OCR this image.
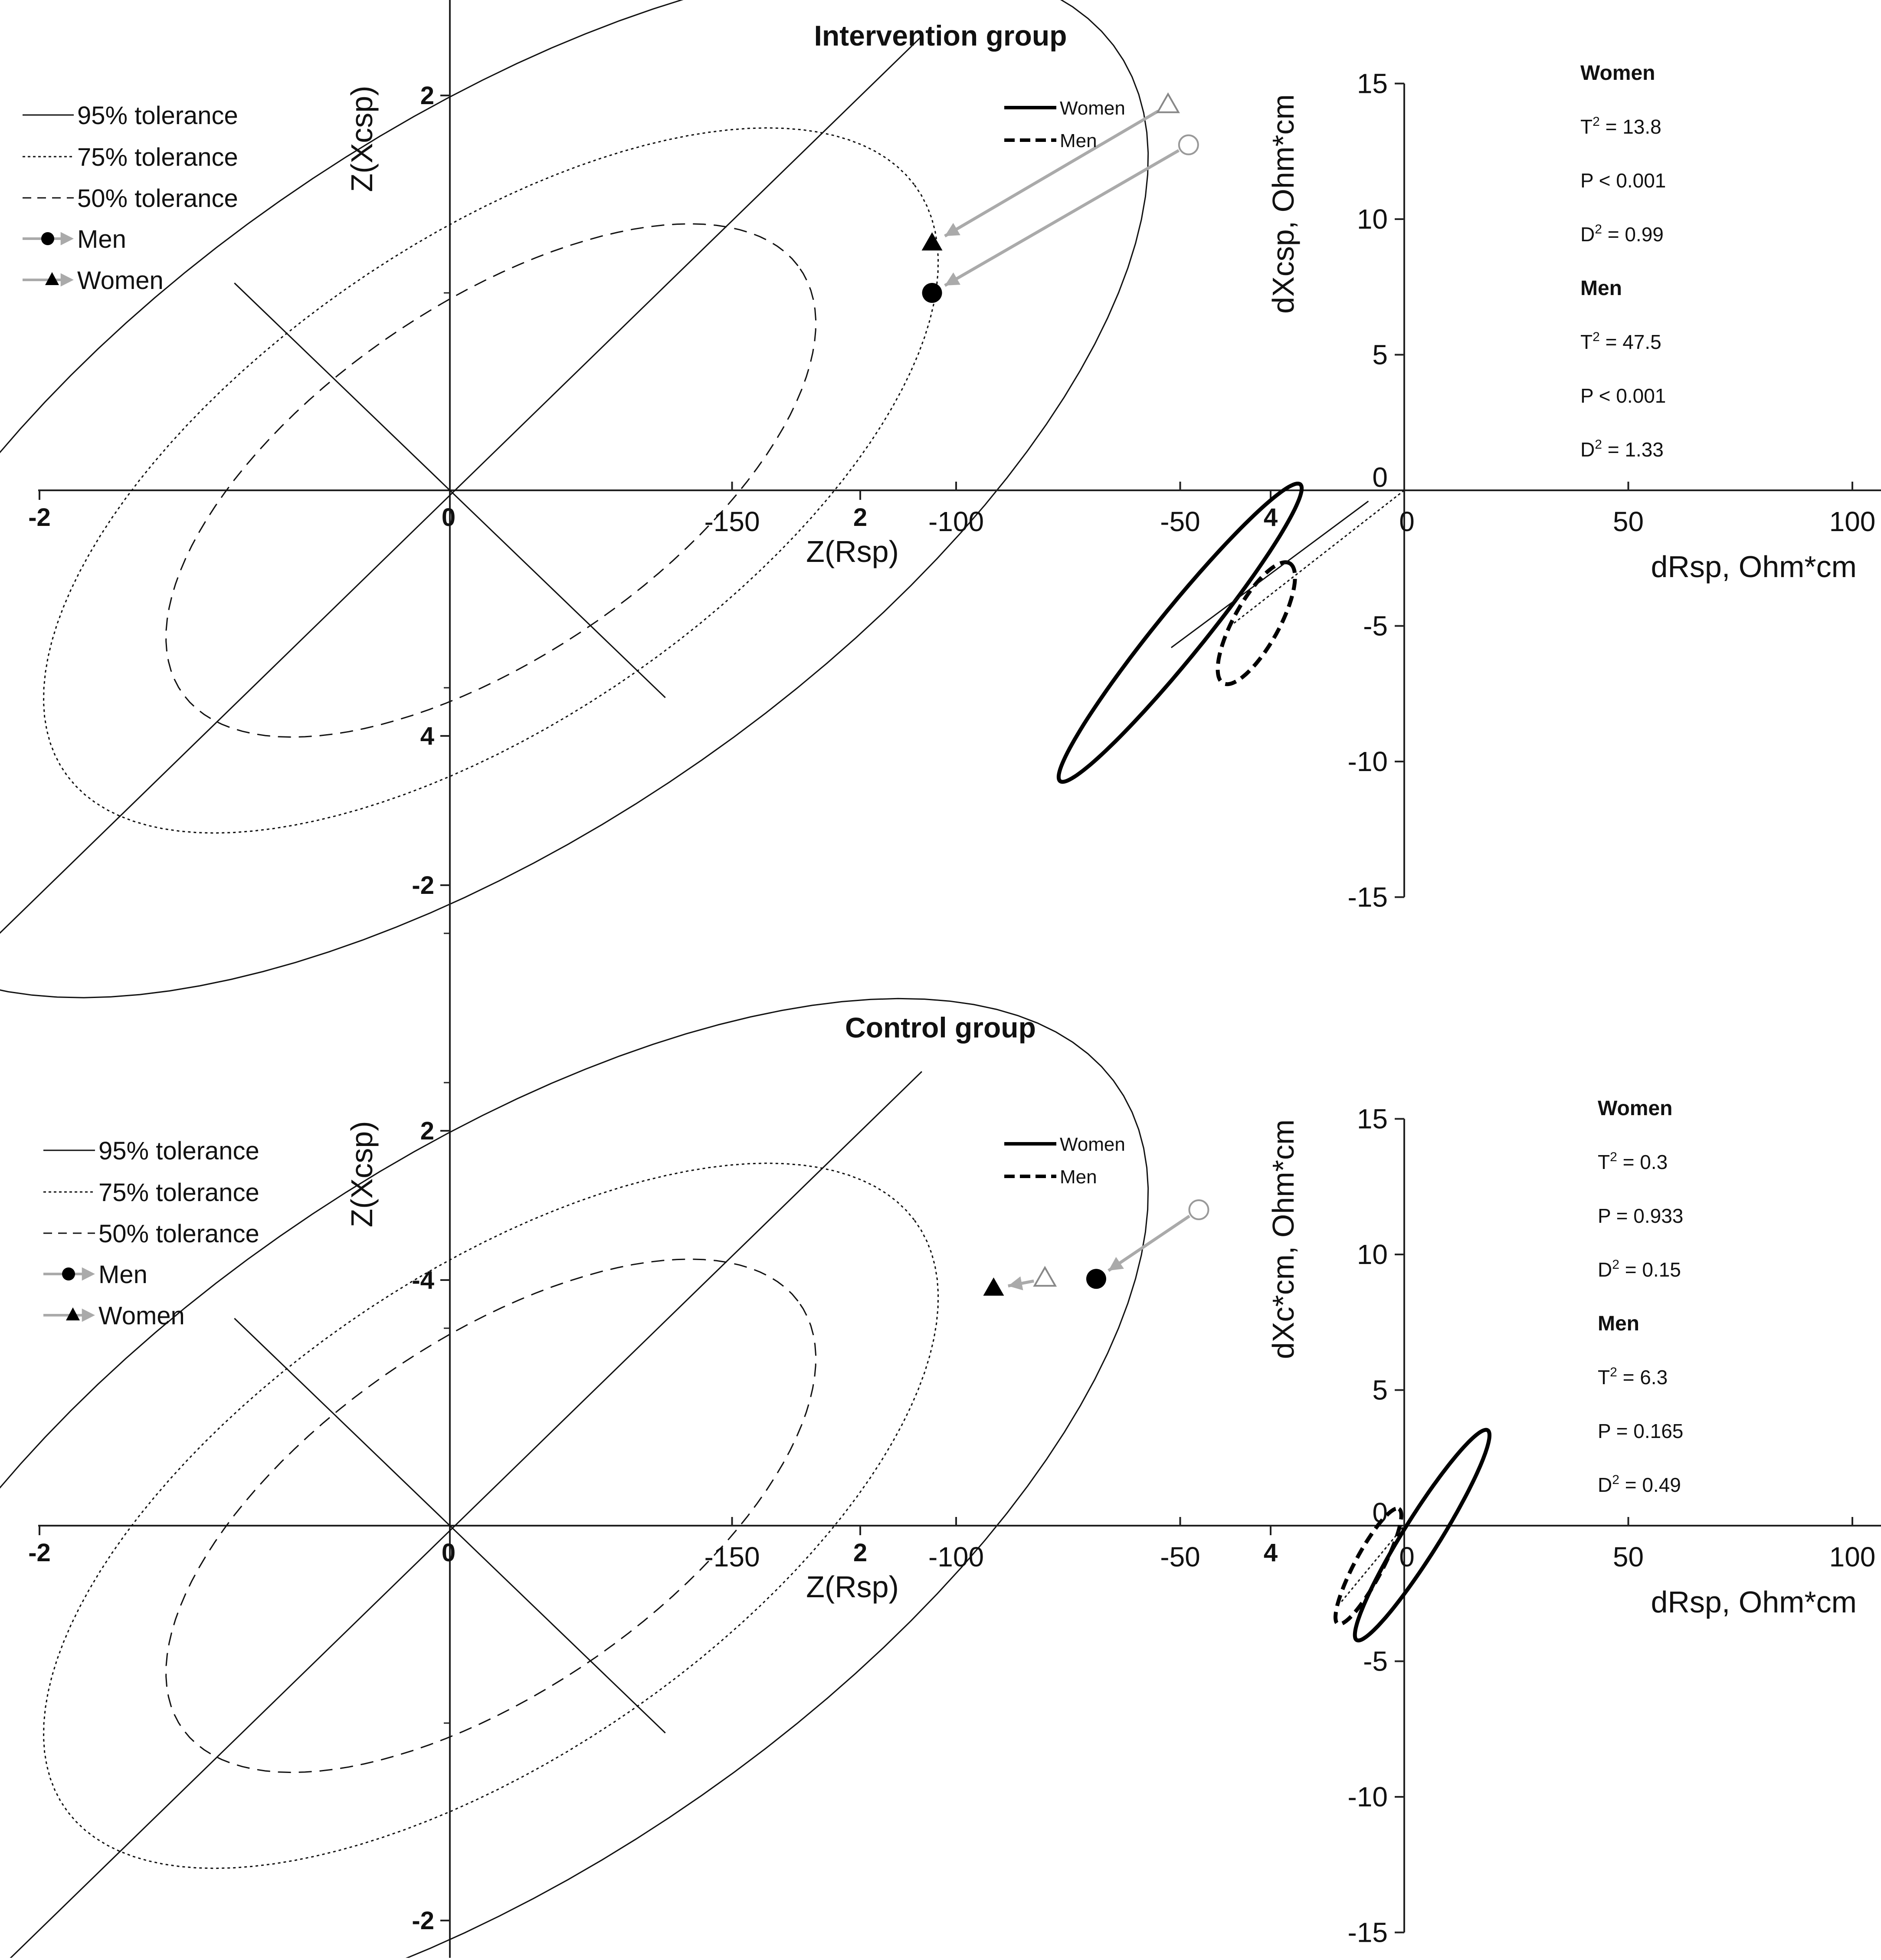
Intervention group
Control group
-2	0	2	4
-4
-2
2
Z(Rsp)
Z(Xcsp)
95% tolerance
75% tolerance
50% tolerance
Men
Women
-150	-100	-50	0	50	100
-15
-10
-5
0
5
10
15
dRsp, Ohm*cm
dXcsp, Ohm*cm
Women
Men
Women
$T^2 = 13.8$
P < 0.001
$D^2 = 0.99$
Men
$T^2 = 47.5$
P < 0.001
$D^2 = 1.33$
-2	0	2	4
-2
2
4
Z(Rsp)
Z(Xcsp)
95% tolerance
75% tolerance
50% tolerance
Men
Women
-150	-100	-50	0	50	100
-15
-10
-5
0
5
10
15
dRsp, Ohm*cm
dXc*cm, Ohm*cm
Women
Men
Women
$T^2 = 0.3$
P = 0.933
$D^2 = 0.15$
Men
$T^2 = 6.3$
P = 0.165
$D^2 = 0.49$
